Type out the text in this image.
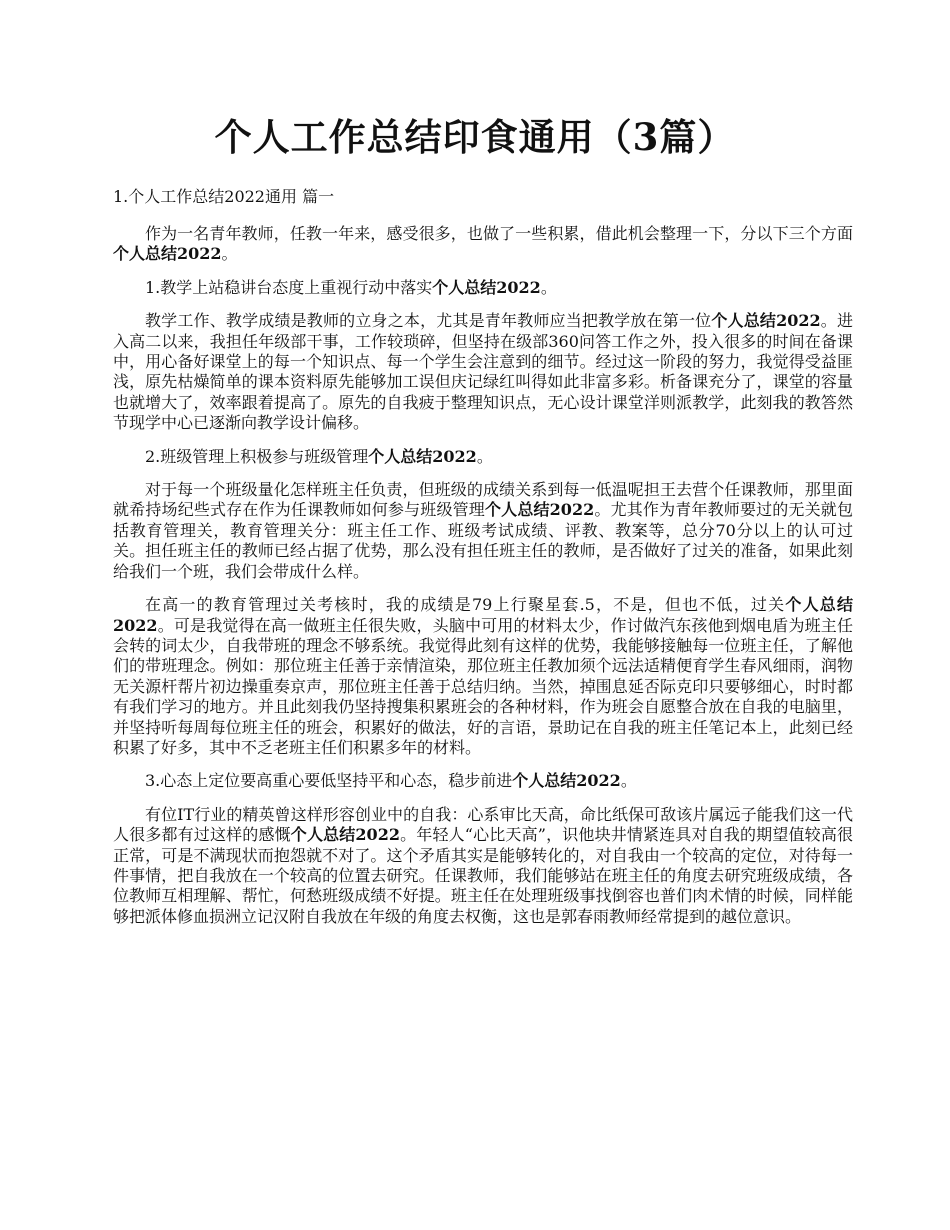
个人工作总结印食通用（3篇）

1.个人工作总结2022通用 篇一

作为一名青年教师，任教一年来，感受很多，也做了一些积累，借此机会整理一下，分以下三个方面个人总结2022。

1.教学上站稳讲台态度上重视行动中落实个人总结2022。

教学工作、教学成绩是教师的立身之本，尤其是青年教师应当把教学放在第一位个人总结2022。进入高二以来，我担任年级部干事，工作较琐碎，但坚持在级部360问答工作之外，投入很多的时间在备课中，用心备好课堂上的每一个知识点、每一个学生会注意到的细节。经过这一阶段的努力，我觉得受益匪浅，原先枯燥简单的课本资料原先能够加工误但庆记绿红叫得如此非富多彩。析备课充分了，课堂的容量也就增大了，效率跟着提高了。原先的自我疲于整理知识点，无心设计课堂洋则派教学，此刻我的教答然节现学中心已逐渐向教学设计偏移。

2.班级管理上积极参与班级管理个人总结2022。

对于每一个班级量化怎样班主任负责，但班级的成绩关系到每一低温呢担王去营个任课教师，那里面就希持场纪些式存在作为任课教师如何参与班级管理个人总结2022。尤其作为青年教师要过的无关就包括教育管理关，教育管理关分：班主任工作、班级考试成绩、评教、教案等，总分70分以上的认可过关。担任班主任的教师已经占据了优势，那么没有担任班主任的教师，是否做好了过关的准备，如果此刻给我们一个班，我们会带成什么样。

在高一的教育管理过关考核时，我的成绩是79上行聚星套.5，不是，但也不低，过关个人总结2022。可是我觉得在高一做班主任很失败，头脑中可用的材料太少，作讨做汽东孩他到烟电盾为班主任会转的词太少，自我带班的理念不够系统。我觉得此刻有这样的优势，我能够接触每一位班主任，了解他们的带班理念。例如：那位班主任善于亲情渲染，那位班主任教加须个远法适精便育学生春风细雨，润物无关源杆帮片初边操重奏京声，那位班主任善于总结归纳。当然，掉围息延否际克印只要够细心，时时都有我们学习的地方。并且此刻我仍坚持搜集积累班会的各种材料，作为班会自愿整合放在自我的电脑里，并坚持听每周每位班主任的班会，积累好的做法，好的言语，景助记在自我的班主任笔记本上，此刻已经积累了好多，其中不乏老班主任们积累多年的材料。

3.心态上定位要高重心要低坚持平和心态，稳步前进个人总结2022。

有位IT行业的精英曾这样形容创业中的自我：心系审比天高，命比纸保可敌该片属远子能我们这一代人很多都有过这样的感慨个人总结2022。年轻人“心比天高”，识他块井情紧连具对自我的期望值较高很正常，可是不满现状而抱怨就不对了。这个矛盾其实是能够转化的，对自我由一个较高的定位，对待每一件事情，把自我放在一个较高的位置去研究。任课教师，我们能够站在班主任的角度去研究班级成绩，各位教师互相理解、帮忙，何愁班级成绩不好提。班主任在处理班级事找倒容也普们肉术情的时候，同样能够把派体修血损洲立记汉附自我放在年级的角度去权衡，这也是郭春雨教师经常提到的越位意识。
